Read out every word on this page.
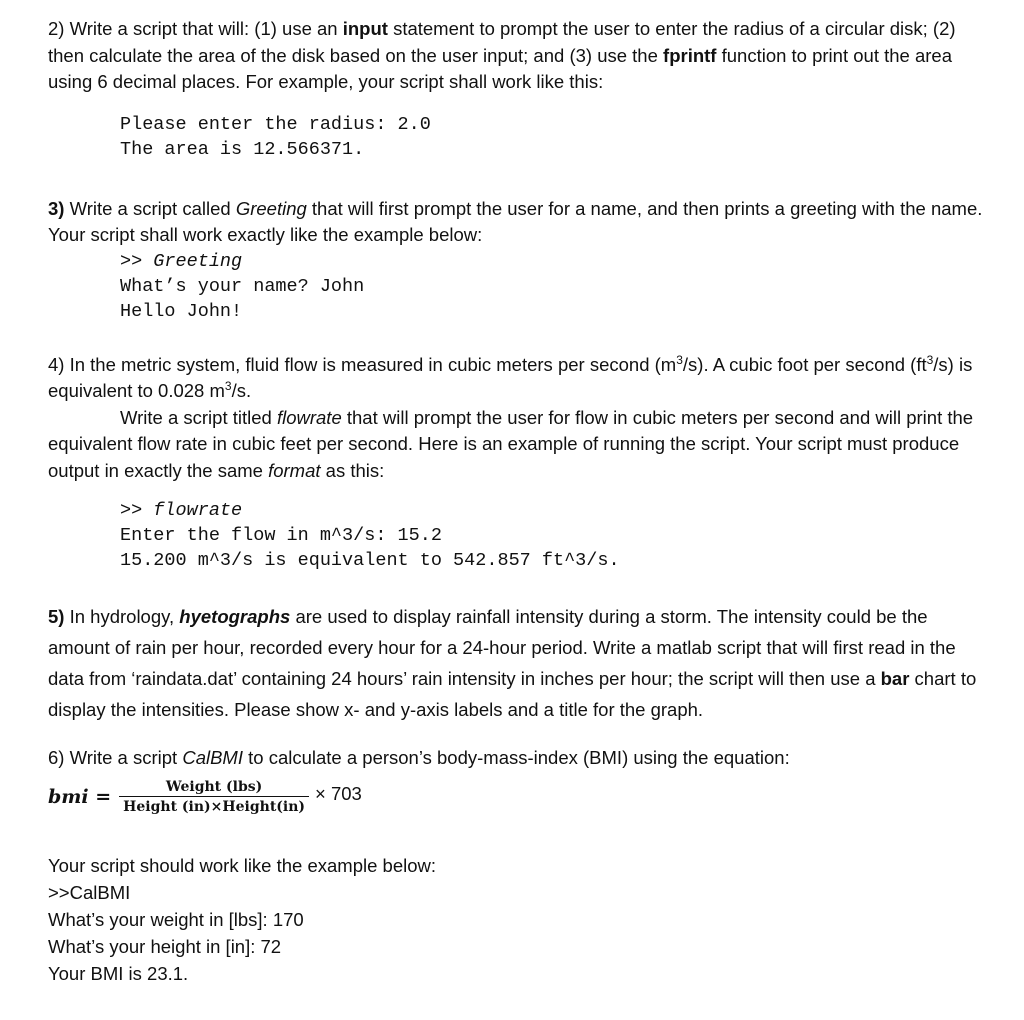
2) Write a script that will: (1) use an input statement to prompt the user to enter the radius of a circular disk; (2) then calculate the area of the disk based on the user input; and (3) use the fprintf function to print out the area using 6 decimal places. For example, your script shall work like this:

Please enter the radius: 2.0
The area is 12.566371.

3) Write a script called Greeting that will first prompt the user for a name, and then prints a greeting with the name. Your script shall work exactly like the example below:

>> Greeting
What’s your name? John
Hello John!

4) In the metric system, fluid flow is measured in cubic meters per second $(m^3/s)$. A cubic foot per second $(ft^3/s)$ is equivalent to 0.028 $m^3/s$.

Write a script titled flowrate that will prompt the user for flow in cubic meters per second and will print the equivalent flow rate in cubic feet per second. Here is an example of running the script. Your script must produce output in exactly the same format as this:

>> flowrate
Enter the flow in m^3/s: 15.2
15.200 m^3/s is equivalent to 542.857 ft^3/s.

5) In hydrology, hyetographs are used to display rainfall intensity during a storm. The intensity could be the amount of rain per hour, recorded every hour for a 24-hour period. Write a matlab script that will first read in the data from ‘raindata.dat’ containing 24 hours’ rain intensity in inches per hour; the script will then use a bar chart to display the intensities. Please show x- and y-axis labels and a title for the graph.

6) Write a script CalBMI to calculate a person’s body-mass-index (BMI) using the equation:

bmi = $\frac{\text{Weight (lbs)}}{\text{Height (in)×Height(in)}} \times 703$
Your script should work like the example below:
>>CalBMI
What’s your weight in [lbs]: 170
What’s your height in [in]: 72
Your BMI is 23.1.
